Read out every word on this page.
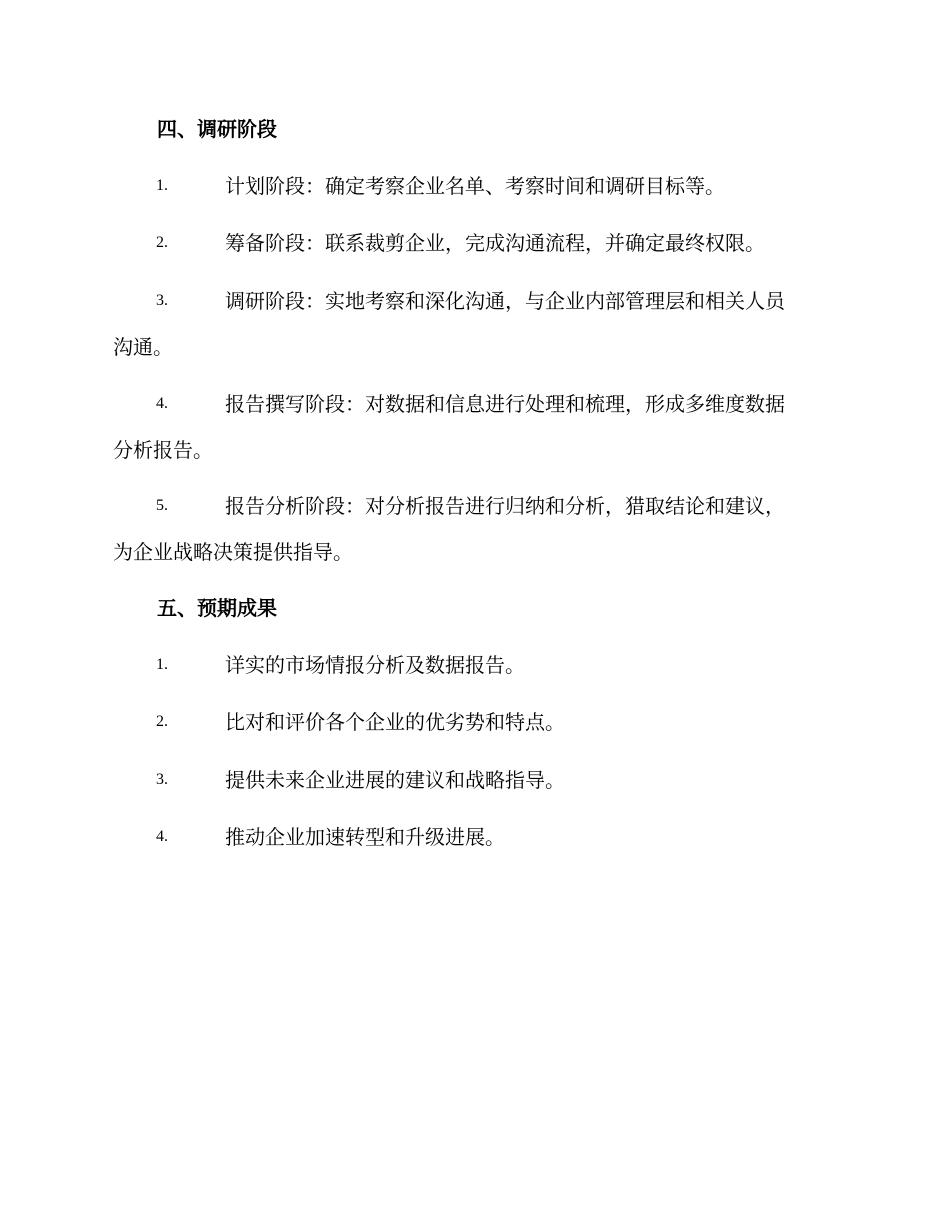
四、调研阶段
1.	计划阶段：确定考察企业名单、考察时间和调研目标等。
2.	筹备阶段：联系裁剪企业，完成沟通流程，并确定最终权限。
3.	调研阶段：实地考察和深化沟通，与企业内部管理层和相关人员
沟通。
4.	报告撰写阶段：对数据和信息进行处理和梳理，形成多维度数据
分析报告。
5.	报告分析阶段：对分析报告进行归纳和分析，猎取结论和建议，
为企业战略决策提供指导。
五、预期成果
1.	详实的市场情报分析及数据报告。
2.	比对和评价各个企业的优劣势和特点。
3.	提供未来企业进展的建议和战略指导。
4.	推动企业加速转型和升级进展。
